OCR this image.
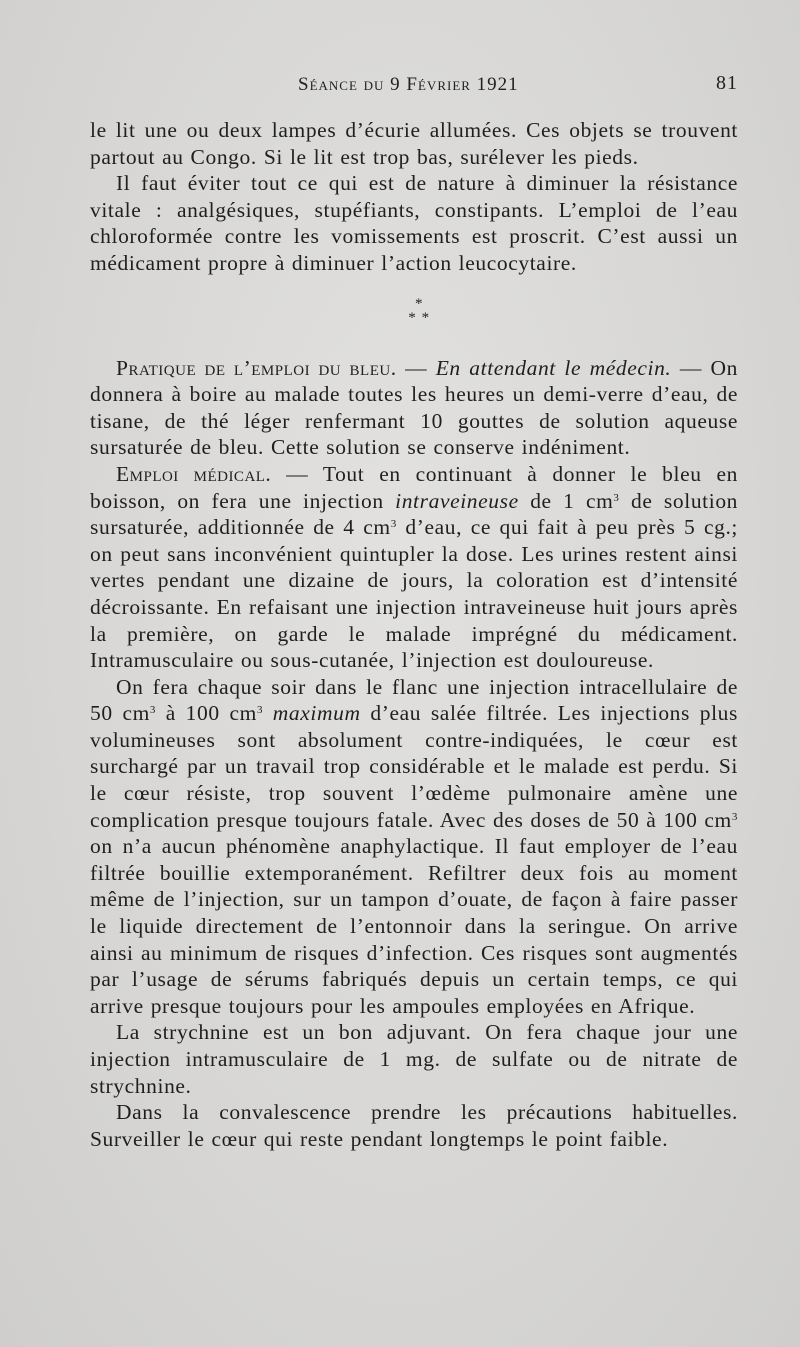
Séance du 9 Février 1921	81

le lit une ou deux lampes d’écurie allumées. Ces objets se trouvent partout au Congo. Si le lit est trop bas, surélever les pieds.

Il faut éviter tout ce qui est de nature à diminuer la résistance vitale : analgésiques, stupéfiants, constipants. L’emploi de l’eau chloroformée contre les vomissements est proscrit. C’est aussi un médicament propre à diminuer l’action leucocytaire.

*
* *

Pratique de l’emploi du bleu. — En attendant le médecin. — On donnera à boire au malade toutes les heures un demi-verre d’eau, de tisane, de thé léger renfermant 10 gouttes de solution aqueuse sursaturée de bleu. Cette solution se conserve indéniment.

Emploi médical. — Tout en continuant à donner le bleu en boisson, on fera une injection intraveineuse de 1 $cm^3$ de solution sursaturée, additionnée de 4 $cm^3$ d’eau, ce qui fait à peu près 5 cg.; on peut sans inconvénient quintupler la dose. Les urines restent ainsi vertes pendant une dizaine de jours, la coloration est d’intensité décroissante. En refaisant une injection intraveineuse huit jours après la première, on garde le malade imprégné du médicament. Intramusculaire ou sous-cutanée, l’injection est douloureuse.

On fera chaque soir dans le flanc une injection intracellulaire de 50 $cm^3$ à 100 $cm^3$ maximum d’eau salée filtrée. Les injections plus volumineuses sont absolument contre-indiquées, le cœur est surchargé par un travail trop considérable et le malade est perdu. Si le cœur résiste, trop souvent l’œdème pulmonaire amène une complication presque toujours fatale. Avec des doses de 50 à 100 $cm^3$ on n’a aucun phénomène anaphylactique. Il faut employer de l’eau filtrée bouillie extemporanément. Refiltrer deux fois au moment même de l’injection, sur un tampon d’ouate, de façon à faire passer le liquide directement de l’entonnoir dans la seringue. On arrive ainsi au minimum de risques d’infection. Ces risques sont augmentés par l’usage de sérums fabriqués depuis un certain temps, ce qui arrive presque toujours pour les ampoules employées en Afrique.

La strychnine est un bon adjuvant. On fera chaque jour une injection intramusculaire de 1 mg. de sulfate ou de nitrate de strychnine.

Dans la convalescence prendre les précautions habituelles. Surveiller le cœur qui reste pendant longtemps le point faible.
